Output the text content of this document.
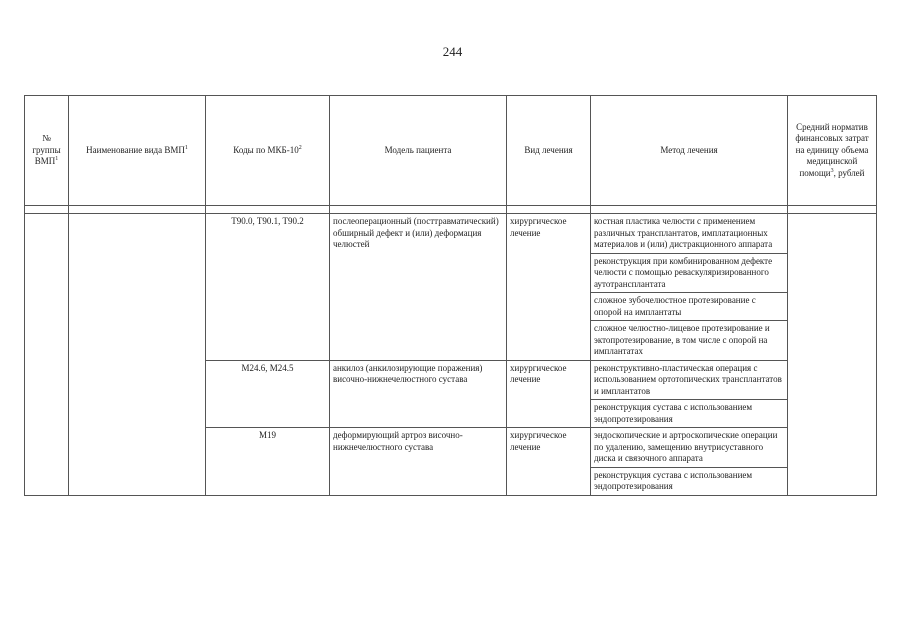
244
№ группы ВМП$^1$	Наименование вида ВМП$^1$	Коды по МКБ-$10^2$	Модель пациента	Вид лечения	Метод лечения	Средний норматив финансовых затрат на единицу объема медицинской помощи$^3$, рублей

		T90.0, T90.1, T90.2	послеоперационный (посттравматический) обширный дефект и (или) деформация челюстей	хирургическое лечение	костная пластика челюсти с применением различных трансплантатов, имплатационных материалов и (или) дистракционного аппарата	
					реконструкция при комбинированном дефекте челюсти с помощью реваскуляризированного аутотрансплантата	
					сложное зубочелюстное протезирование с опорой на имплантаты	
					сложное челюстно-лицевое протезирование и эктопротезирование, в том числе с опорой на имплантатах	
		M24.6, M24.5	анкилоз (анкилозирующие поражения) височно-нижнечелюстного сустава	хирургическое лечение	реконструктивно-пластическая операция с использованием ортотопических трансплантатов и имплантатов	
					реконструкция сустава с использованием эндопротезирования	
		M19	деформирующий артроз височно-нижнечелюстного сустава	хирургическое лечение	эндоскопические и артроскопические операции по удалению, замещению внутрисуставного диска и связочного аппарата	
					реконструкция сустава с использованием эндопротезирования	
